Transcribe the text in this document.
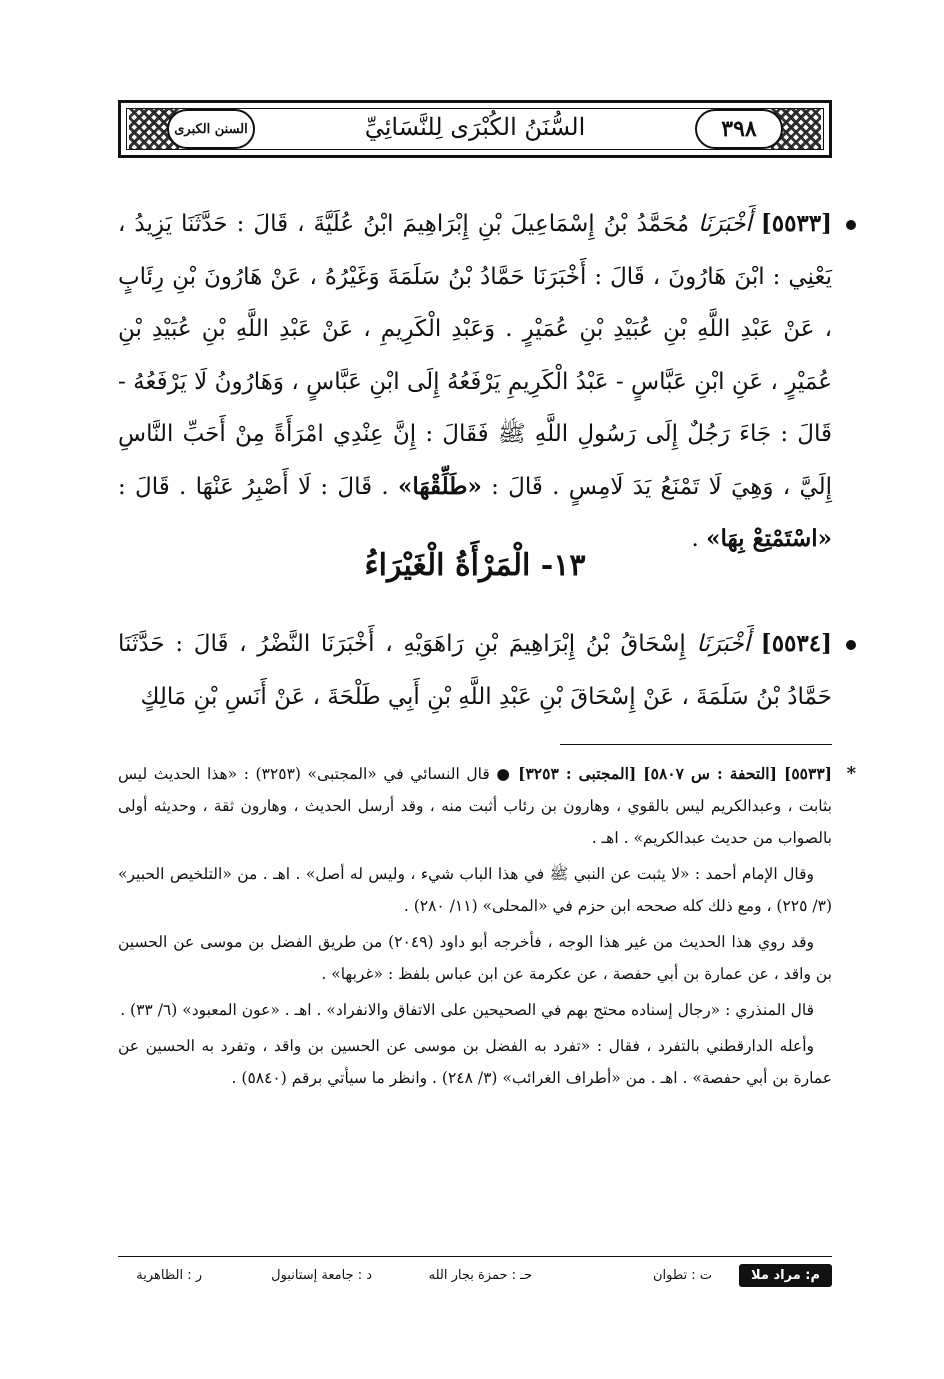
السنن الكبرى	٣٩٨
السُّنَنُ الكُبْرَى لِلنَّسَائِيِّ

[٥٥٣٣] أَخْبَرَنَا مُحَمَّدُ بْنُ إِسْمَاعِيلَ بْنِ إِبْرَاهِيمَ ابْنُ عُلَيَّةَ ، قَالَ : حَدَّثَنَا يَزِيدُ ، يَعْنِي : ابْنَ هَارُونَ ، قَالَ : أَخْبَرَنَا حَمَّادُ بْنُ سَلَمَةَ وَغَيْرُهُ ، عَنْ هَارُونَ بْنِ رِئَابٍ ، عَنْ عَبْدِ اللَّهِ بْنِ عُبَيْدِ بْنِ عُمَيْرٍ . وَعَبْدِ الْكَرِيمِ ، عَنْ عَبْدِ اللَّهِ بْنِ عُبَيْدِ بْنِ عُمَيْرٍ ، عَنِ ابْنِ عَبَّاسٍ - عَبْدُ الْكَرِيمِ يَرْفَعُهُ إِلَى ابْنِ عَبَّاسٍ ، وَهَارُونُ لَا يَرْفَعُهُ - قَالَ : جَاءَ رَجُلٌ إِلَى رَسُولِ اللَّهِ ﷺ فَقَالَ : إِنَّ عِنْدِي امْرَأَةً مِنْ أَحَبِّ النَّاسِ إِلَيَّ ، وَهِيَ لَا تَمْنَعُ يَدَ لَامِسٍ . قَالَ : «طَلِّقْهَا» . قَالَ : لَا أَصْبِرُ عَنْهَا . قَالَ : «اسْتَمْتِعْ بِهَا» .

١٣- الْمَرْأَةُ الْغَيْرَاءُ

[٥٥٣٤] أَخْبَرَنَا إِسْحَاقُ بْنُ إِبْرَاهِيمَ بْنِ رَاهَوَيْهِ ، أَخْبَرَنَا النَّضْرُ ، قَالَ : حَدَّثَنَا حَمَّادُ بْنُ سَلَمَةَ ، عَنْ إِسْحَاقَ بْنِ عَبْدِ اللَّهِ بْنِ أَبِي طَلْحَةَ ، عَنْ أَنَسِ بْنِ مَالِكٍ

*
[٥٥٣٣] [التحفة : س ٥٨٠٧] [المجتبى : ٣٢٥٣] ● قال النسائي في «المجتبى» (٣٢٥٣) : «هذا الحديث ليس بثابت ، وعبدالكريم ليس بالقوي ، وهارون بن رئاب أثبت منه ، وقد أرسل الحديث ، وهارون ثقة ، وحديثه أولى بالصواب من حديث عبدالكريم» . اهـ .

وقال الإمام أحمد : «لا يثبت عن النبي ﷺ في هذا الباب شيء ، وليس له أصل» . اهـ . من «التلخيص الحبير» (٣/ ٢٢٥) ، ومع ذلك كله صححه ابن حزم في «المحلى» (١١/ ٢٨٠) .

وقد روي هذا الحديث من غير هذا الوجه ، فأخرجه أبو داود (٢٠٤٩) من طريق الفضل بن موسى عن الحسين بن واقد ، عن عمارة بن أبي حفصة ، عن عكرمة عن ابن عباس بلفظ : «غربها» .

قال المنذري : «رجال إسناده محتج بهم في الصحيحين على الاتفاق والانفراد» . اهـ . «عون المعبود» (٦/ ٣٣) .

وأعله الدارقطني بالتفرد ، فقال : «تفرد به الفضل بن موسى عن الحسين بن واقد ، وتفرد به الحسين عن عمارة بن أبي حفصة» . اهـ . من «أطراف الغرائب» (٣/ ٢٤٨) . وانظر ما سيأتي برقم (٥٨٤٠) .

م: مراد ملا
ت : تطوان
حـ : حمزة بجار الله
د : جامعة إستانبول
ر : الظاهرية
